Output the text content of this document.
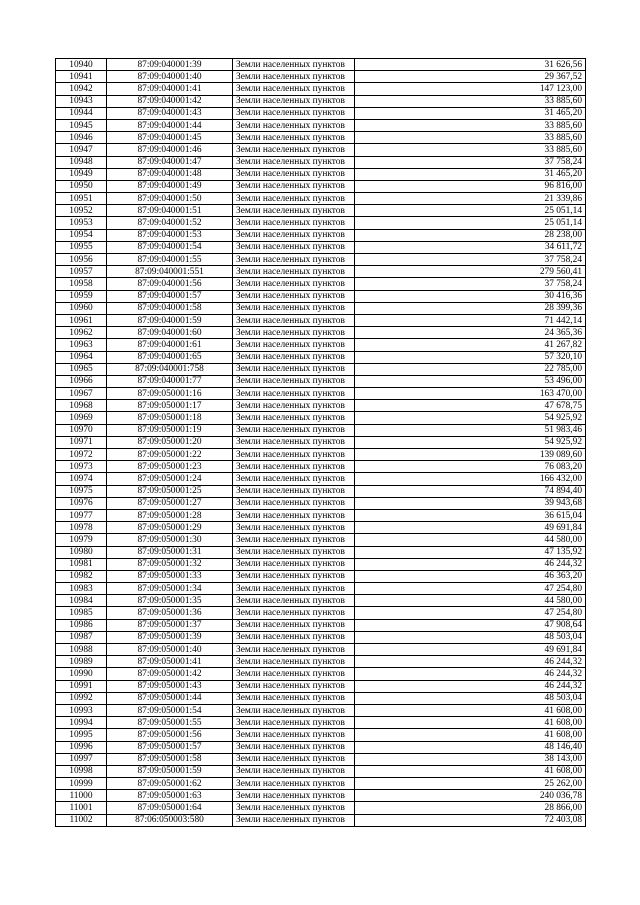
10940	87:09:040001:39	Земли населенных пунктов	31 626,56
10941	87:09:040001:40	Земли населенных пунктов	29 367,52
10942	87:09:040001:41	Земли населенных пунктов	147 123,00
10943	87:09:040001:42	Земли населенных пунктов	33 885,60
10944	87:09:040001:43	Земли населенных пунктов	31 465,20
10945	87:09:040001:44	Земли населенных пунктов	33 885,60
10946	87:09:040001:45	Земли населенных пунктов	33 885,60
10947	87:09:040001:46	Земли населенных пунктов	33 885,60
10948	87:09:040001:47	Земли населенных пунктов	37 758,24
10949	87:09:040001:48	Земли населенных пунктов	31 465,20
10950	87:09:040001:49	Земли населенных пунктов	96 816,00
10951	87:09:040001:50	Земли населенных пунктов	21 339,86
10952	87:09:040001:51	Земли населенных пунктов	25 051,14
10953	87:09:040001:52	Земли населенных пунктов	25 051,14
10954	87:09:040001:53	Земли населенных пунктов	28 238,00
10955	87:09:040001:54	Земли населенных пунктов	34 611,72
10956	87:09:040001:55	Земли населенных пунктов	37 758,24
10957	87:09:040001:551	Земли населенных пунктов	279 560,41
10958	87:09:040001:56	Земли населенных пунктов	37 758,24
10959	87:09:040001:57	Земли населенных пунктов	30 416,36
10960	87:09:040001:58	Земли населенных пунктов	28 399,36
10961	87:09:040001:59	Земли населенных пунктов	71 442,14
10962	87:09:040001:60	Земли населенных пунктов	24 365,36
10963	87:09:040001:61	Земли населенных пунктов	41 267,82
10964	87:09:040001:65	Земли населенных пунктов	57 320,10
10965	87:09:040001:758	Земли населенных пунктов	22 785,00
10966	87:09:040001:77	Земли населенных пунктов	53 496,00
10967	87:09:050001:16	Земли населенных пунктов	163 470,00
10968	87:09:050001:17	Земли населенных пунктов	47 678,75
10969	87:09:050001:18	Земли населенных пунктов	54 925,92
10970	87:09:050001:19	Земли населенных пунктов	51 983,46
10971	87:09:050001:20	Земли населенных пунктов	54 925,92
10972	87:09:050001:22	Земли населенных пунктов	139 089,60
10973	87:09:050001:23	Земли населенных пунктов	76 083,20
10974	87:09:050001:24	Земли населенных пунктов	166 432,00
10975	87:09:050001:25	Земли населенных пунктов	74 894,40
10976	87:09:050001:27	Земли населенных пунктов	39 943,68
10977	87:09:050001:28	Земли населенных пунктов	36 615,04
10978	87:09:050001:29	Земли населенных пунктов	49 691,84
10979	87:09:050001:30	Земли населенных пунктов	44 580,00
10980	87:09:050001:31	Земли населенных пунктов	47 135,92
10981	87:09:050001:32	Земли населенных пунктов	46 244,32
10982	87:09:050001:33	Земли населенных пунктов	46 363,20
10983	87:09:050001:34	Земли населенных пунктов	47 254,80
10984	87:09:050001:35	Земли населенных пунктов	44 580,00
10985	87:09:050001:36	Земли населенных пунктов	47 254,80
10986	87:09:050001:37	Земли населенных пунктов	47 908,64
10987	87:09:050001:39	Земли населенных пунктов	48 503,04
10988	87:09:050001:40	Земли населенных пунктов	49 691,84
10989	87:09:050001:41	Земли населенных пунктов	46 244,32
10990	87:09:050001:42	Земли населенных пунктов	46 244,32
10991	87:09:050001:43	Земли населенных пунктов	46 244,32
10992	87:09:050001:44	Земли населенных пунктов	48 503,04
10993	87:09:050001:54	Земли населенных пунктов	41 608,00
10994	87:09:050001:55	Земли населенных пунктов	41 608,00
10995	87:09:050001:56	Земли населенных пунктов	41 608,00
10996	87:09:050001:57	Земли населенных пунктов	48 146,40
10997	87:09:050001:58	Земли населенных пунктов	38 143,00
10998	87:09:050001:59	Земли населенных пунктов	41 608,00
10999	87:09:050001:62	Земли населенных пунктов	25 262,00
11000	87:09:050001:63	Земли населенных пунктов	240 036,78
11001	87:09:050001:64	Земли населенных пунктов	28 866,00
11002	87:06:050003:580	Земли населенных пунктов	72 403,08
